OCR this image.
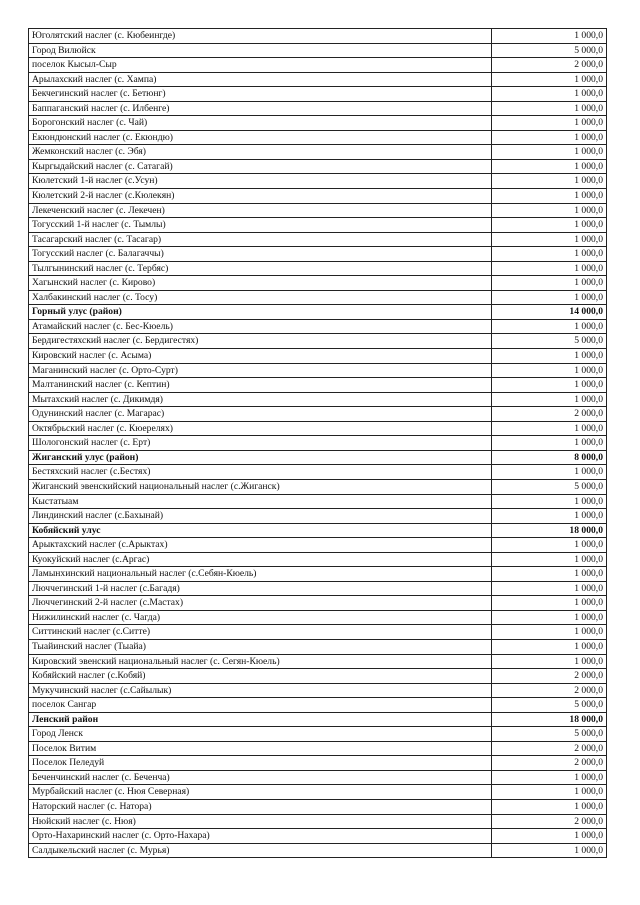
Юголятский наслег (с. Кюбеингде)	1 000,0
Город Вилюйск	5 000,0
поселок Кысыл-Сыр	2 000,0
Арылахский наслег (с. Хампа)	1 000,0
Бекчегинский наслег (с. Бетюнг)	1 000,0
Баппаганский наслег (с. Илбенге)	1 000,0
Борогонский наслег (с. Чай)	1 000,0
Екюндюнский наслег (с. Екюндю)	1 000,0
Жемконский наслег (с. Эбя)	1 000,0
Кыргыдайский наслег (с. Сатагай)	1 000,0
Кюлетский 1-й наслег (с.Усун)	1 000,0
Кюлетский 2-й наслег (с.Кюлекян)	1 000,0
Лекеченский наслег (с. Лекечен)	1 000,0
Тогусский 1-й наслег (с. Тымлы)	1 000,0
Тасагарский наслег (с. Тасагар)	1 000,0
Тогусский наслег (с. Балагаччы)	1 000,0
Тылгынинский наслег (с. Тербяс)	1 000,0
Хагынский наслег (с. Кирово)	1 000,0
Халбакинский наслег (с. Тосу)	1 000,0
Горный улус (район)	14 000,0
Атамайский наслег (с. Бес-Кюель)	1 000,0
Бердигестяхский наслег (с. Бердигестях)	5 000,0
Кировский наслег (с. Асыма)	1 000,0
Маганинский наслег (с. Орто-Сурт)	1 000,0
Малтанинский наслег (с. Кептин)	1 000,0
Мытахский наслег (с. Дикимдя)	1 000,0
Одунинский наслег (с. Магарас)	2 000,0
Октябрьский наслег (с. Кюерелях)	1 000,0
Шологонский наслег (с. Ерт)	1 000,0
Жиганский улус (район)	8 000,0
Бестяхский наслег (с.Бестях)	1 000,0
Жиганский эвенскийский национальный наслег (с.Жиганск)	5 000,0
Кыстатыам	1 000,0
Линдинский наслег (с.Бахынай)	1 000,0
Кобяйский улус	18 000,0
Арыктахский наслег (с.Арыктах)	1 000,0
Куокуйский наслег (с.Аргас)	1 000,0
Ламынхинский национальный наслег (с.Себян-Кюель)	1 000,0
Люччегинский 1-й наслег (с.Багадя)	1 000,0
Люччегинский 2-й наслег (с.Мастах)	1 000,0
Нижилинский наслег (с. Чагда)	1 000,0
Ситтинский наслег (с.Ситте)	1 000,0
Тыайинский наслег (Тыайа)	1 000,0
Кировский эвенский национальный наслег (с. Сегян-Кюель)	1 000,0
Кобяйский наслег (с.Кобяй)	2 000,0
Мукучинский наслег (с.Сайылык)	2 000,0
поселок Сангар	5 000,0
Ленский район	18 000,0
Город Ленск	5 000,0
Поселок Витим	2 000,0
Поселок Пеледуй	2 000,0
Беченчинский наслег (с. Беченча)	1 000,0
Мурбайский наслег (с. Нюя Северная)	1 000,0
Наторский наслег (с. Натора)	1 000,0
Нюйский наслег (с. Нюя)	2 000,0
Орто-Нахаринский наслег (с. Орто-Нахара)	1 000,0
Салдыкельский наслег (с. Мурья)	1 000,0
